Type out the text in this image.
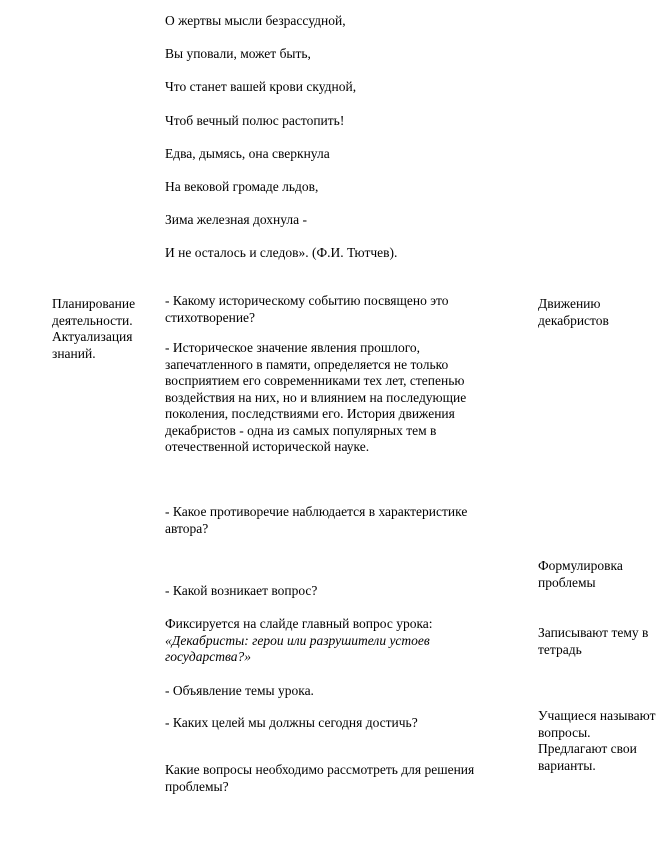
О жертвы мысли безрассудной,

Вы уповали, может быть,

Что станет вашей крови скудной,

Чтоб вечный полюс растопить!

Едва, дымясь, она сверкнула

На вековой громаде льдов,

Зима железная дохнула -

И не осталось и следов». (Ф.И. Тютчев).

Планирование деятельности. Актуализация знаний.

- Какому историческому событию посвящено это стихотворение?

- Историческое значение явления прошлого, запечатленного в памяти, определяется не только восприятием его современниками тех лет, степенью воздействия на них, но и влиянием на последующие поколения, последствиями его. История движения декабристов - одна из самых популярных тем в отечественной исторической науке.

- Какое противоречие наблюдается в характеристике автора?

- Какой возникает вопрос?

Фиксируется на слайде главный вопрос урока:
«Декабристы: герои или разрушители устоев государства?»

- Объявление темы урока.

- Каких целей мы должны сегодня достичь?

Какие вопросы необходимо рассмотреть для решения проблемы?

Движению декабристов

Формулировка проблемы

Записывают тему в тетрадь

Учащиеся называют вопросы. Предлагают свои варианты.
